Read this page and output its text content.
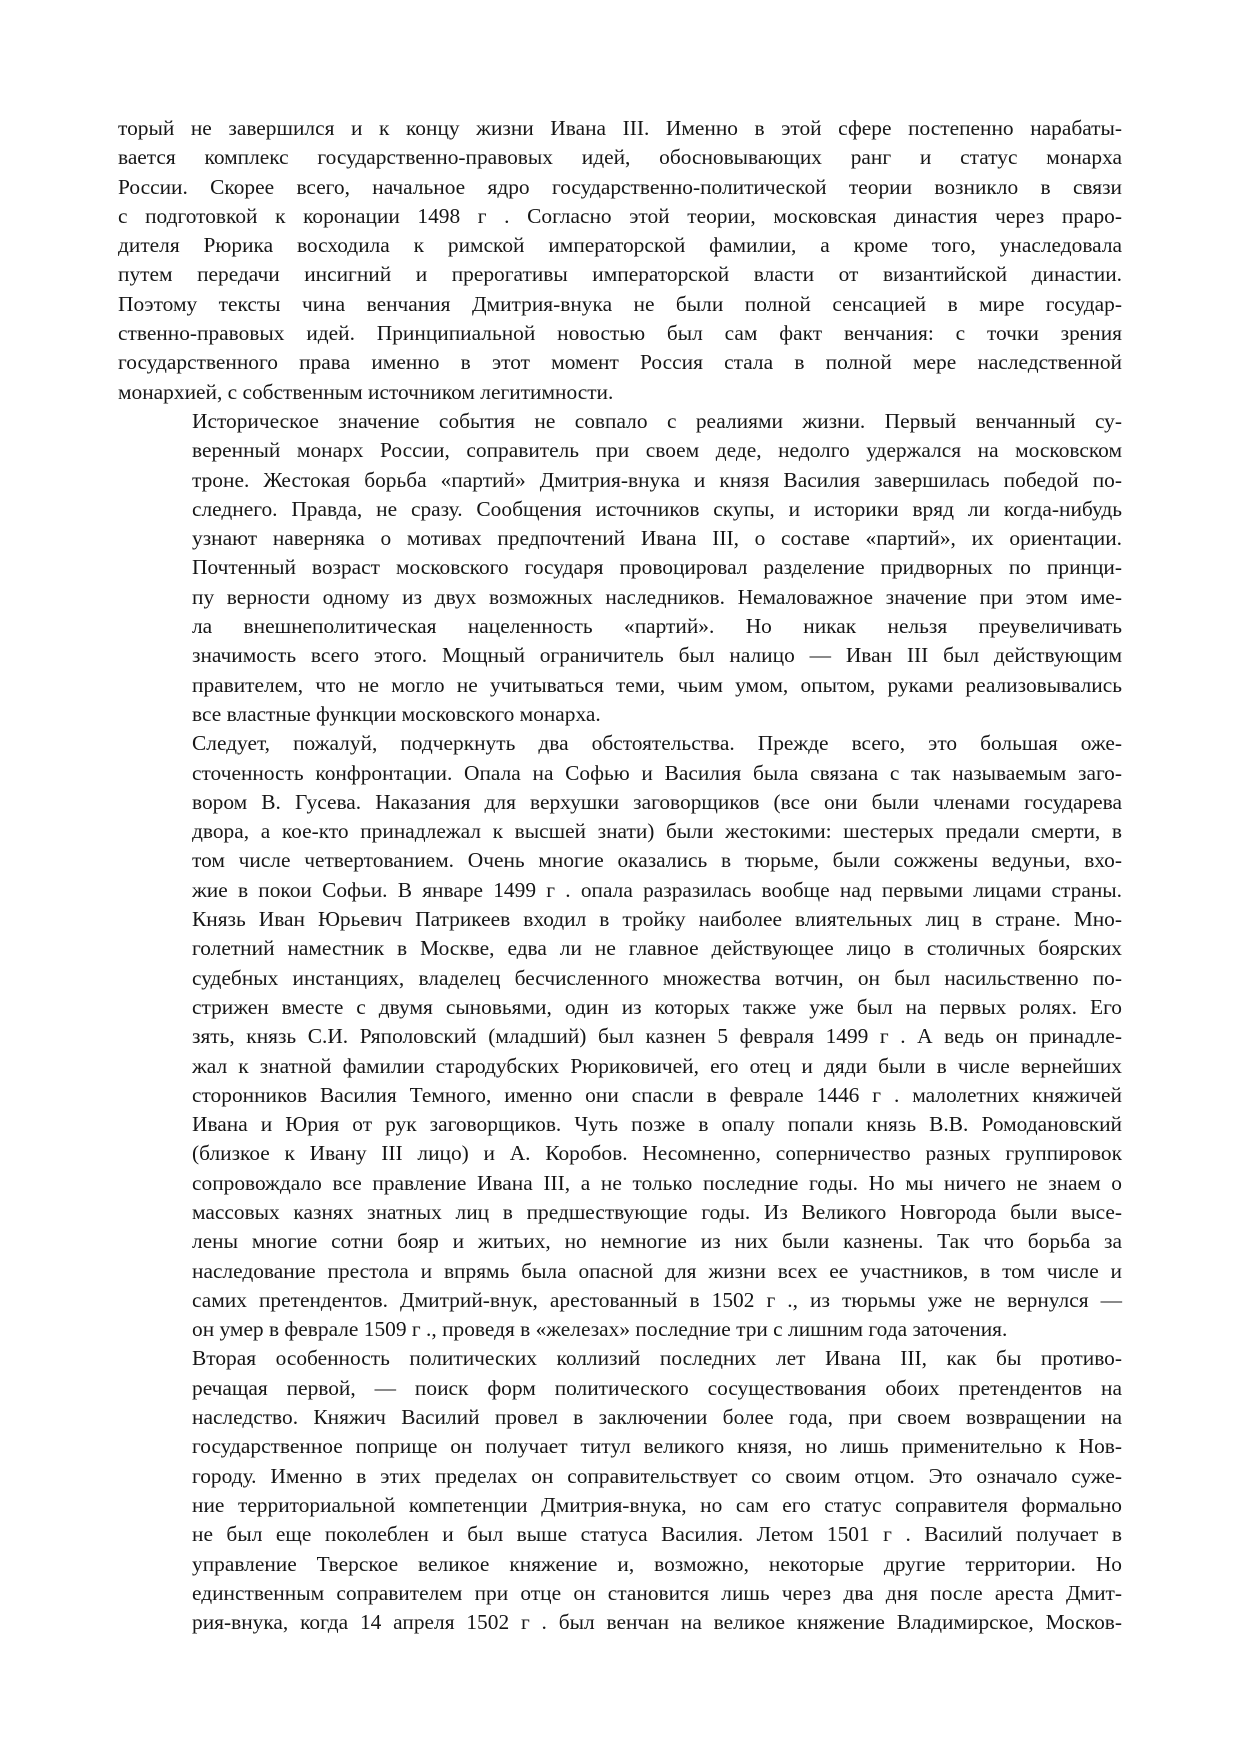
торый не завершился и к концу жизни Ивана III. Именно в этой сфере постепенно нарабаты-
вается комплекс государственно-правовых идей, обосновывающих ранг и статус монарха
России. Скорее всего, начальное ядро государственно-политической теории возникло в связи
с подготовкой к коронации 1498 г . Согласно этой теории, московская династия через прaро-
дителя Рюрика восходила к римской императорской фамилии, а кроме того, унаследовала
путем передачи инсигний и прерогативы императорской власти от византийской династии.
Поэтому тексты чина венчания Дмитрия-внука не были полной сенсацией в мире государ-
ственно-правовых идей. Принципиальной новостью был сам факт венчания: с точки зрения
государственного права именно в этот момент Россия стала в полной мере наследственной
монархией, с собственным источником легитимности.

Историческое значение события не совпало с реалиями жизни. Первый венчанный су-
веренный монарх России, соправитель при своем деде, недолго удержался на московском
троне. Жестокая борьба «партий» Дмитрия-внука и князя Василия завершилась победой по-
следнего. Правда, не сразу. Сообщения источников скупы, и историки вряд ли когда-нибудь
узнают наверняка о мотивах предпочтений Ивана III, о составе «партий», их ориентации.
Почтенный возраст московского государя провоцировал разделение придворных по принци-
пу верности одному из двух возможных наследников. Немаловажное значение при этом име-
ла внешнеполитическая нацеленность «партий». Но никак нельзя преувеличивать
значимость всего этого. Мощный ограничитель был налицо — Иван III был действующим
правителем, что не могло не учитываться теми, чьим умом, опытом, руками реализовывались
все властные функции московского монарха.

Следует, пожалуй, подчеркнуть два обстоятельства. Прежде всего, это большая оже-
сточенность конфронтации. Опала на Софью и Василия была связана с так называемым заго-
вором В. Гусева. Наказания для верхушки заговорщиков (все они были членами государева
двора, а кое-кто принадлежал к высшей знати) были жестокими: шестерых предали смерти, в
том числе четвертованием. Очень многие оказались в тюрьме, были сожжены ведуньи, вхо-
жие в покои Софьи. В январе 1499 г . опала разразилась вообще над первыми лицами страны.
Князь Иван Юрьевич Патрикеев входил в тройку наиболее влиятельных лиц в стране. Мно-
голетний наместник в Москве, едва ли не главное действующее лицо в столичных боярских
судебных инстанциях, владелец бесчисленного множества вотчин, он был насильственно по-
стрижен вместе с двумя сыновьями, один из которых также уже был на первых ролях. Его
зять, князь С.И. Ряполовский (младший) был казнен 5 февраля 1499 г . А ведь он принадле-
жал к знатной фамилии стародубских Рюриковичей, его отец и дяди были в числе вернейших
сторонников Василия Темного, именно они спасли в феврале 1446 г . малолетних княжичей
Ивана и Юрия от рук заговорщиков. Чуть позже в опалу попали князь В.В. Ромодановский
(близкое к Ивану III лицо) и А. Коробов. Несомненно, соперничество разных группировок
сопровождало все правление Ивана III, а не только последние годы. Но мы ничего не знаем о
массовых казнях знатных лиц в предшествующие годы. Из Великого Новгорода были высе-
лены многие сотни бояр и житьих, но немногие из них были казнены. Так что борьба за
наследование престола и впрямь была опасной для жизни всех ее участников, в том числе и
самих претендентов. Дмитрий-внук, арестованный в 1502 г ., из тюрьмы уже не вернулся —
он умер в феврале 1509 г ., проведя в «железах» последние три с лишним года заточения.

Вторая особенность политических коллизий последних лет Ивана III, как бы противо-
речащая первой, — поиск форм политического сосуществования обоих претендентов на
наследство. Княжич Василий провел в заключении более года, при своем возвращении на
государственное поприще он получает титул великого князя, но лишь применительно к Нов-
городу. Именно в этих пределах он соправительствует со своим отцом. Это означало суже-
ние территориальной компетенции Дмитрия-внука, но сам его статус соправителя формально
не был еще поколеблен и был выше статуса Василия. Летом 1501 г . Василий получает в
управление Тверское великое княжение и, возможно, некоторые другие территории. Но
единственным соправителем при отце он становится лишь через два дня после ареста Дмит-
рия-внука, когда 14 апреля 1502 г . был венчан на великое княжение Владимирское, Москов-
